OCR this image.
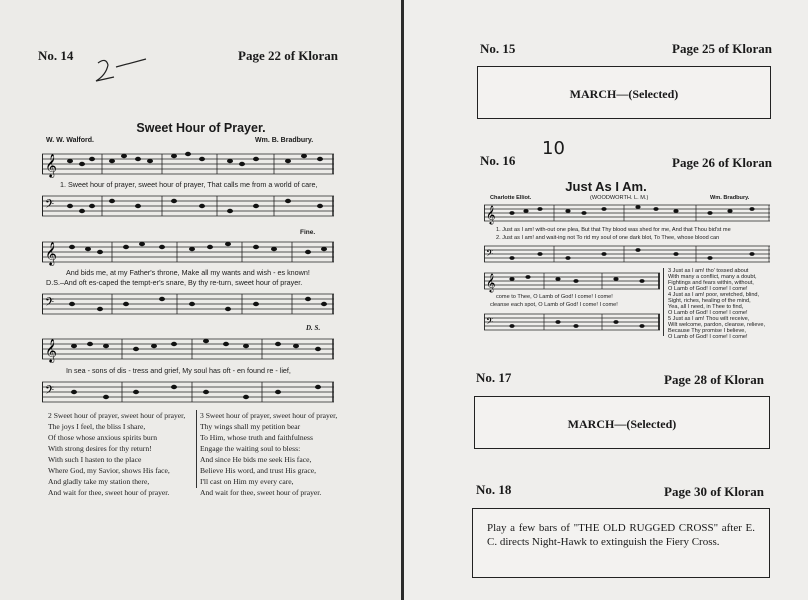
No. 14	Page 22 of Kloran
Sweet Hour of Prayer.
W. W. Walford.	Wm. B. Bradbury.
𝄞
1. Sweet hour of prayer, sweet hour of prayer, That calls me from a world of care,
𝄢
Fine.
𝄞
And bids me, at my Father's throne, Make all my wants and wish - es known!
D.S.–And oft es-caped the tempt-er's snare, By thy re-turn, sweet hour of prayer.
𝄢
D. S.
𝄞
In sea - sons of dis - tress and grief, My soul has oft - en found re - lief,
𝄢
2 Sweet hour of prayer, sweet hour of prayer,
The joys I feel, the bliss I share,
Of those whose anxious spirits burn
With strong desires for thy return!
With such I hasten to the place
Where God, my Savior, shows His face,
And gladly take my station there,
And wait for thee, sweet hour of prayer.
3 Sweet hour of prayer, sweet hour of prayer,
Thy wings shall my petition bear
To Him, whose truth and faithfulness
Engage the waiting soul to bless:
And since He bids me seek His face,
Believe His word, and trust His grace,
I'll cast on Him my every care,
And wait for thee, sweet hour of prayer.
No. 15	Page 25 of Kloran
MARCH—(Selected)
No. 16
10
Page 26 of Kloran
Just As I Am.
Charlotte Elliot.	(WOODWORTH. L. M.)	Wm. Bradbury.
𝄞
1. Just as I am! with-out one plea, But that Thy blood was shed for me, And that Thou bid'st me
2. Just as I am! and wait-ing not To rid my soul of one dark blot, To Thee, whose blood can
𝄢
𝄞
come to Thee, O Lamb of God! I come! I come!
cleanse each spot, O Lamb of God! I come! I come!
𝄢
3 Just as I am! tho' tossed about
With many a conflict, many a doubt,
Fightings and fears within, without,
O Lamb of God! I come! I come!
4 Just as I am! poor, wretched, blind,
Sight, riches, healing of the mind,
Yea, all I need, in Thee to find,
O Lamb of God! I come! I come!
5 Just as I am! Thou wilt receive,
Wilt welcome, pardon, cleanse, relieve,
Because Thy promise I believe,
O Lamb of God! I come! I come!
No. 17	Page 28 of Kloran
MARCH—(Selected)
No. 18	Page 30 of Kloran
Play a few bars of "THE OLD RUGGED CROSS" after E. C. directs Night-Hawk to extinguish the Fiery Cross.
